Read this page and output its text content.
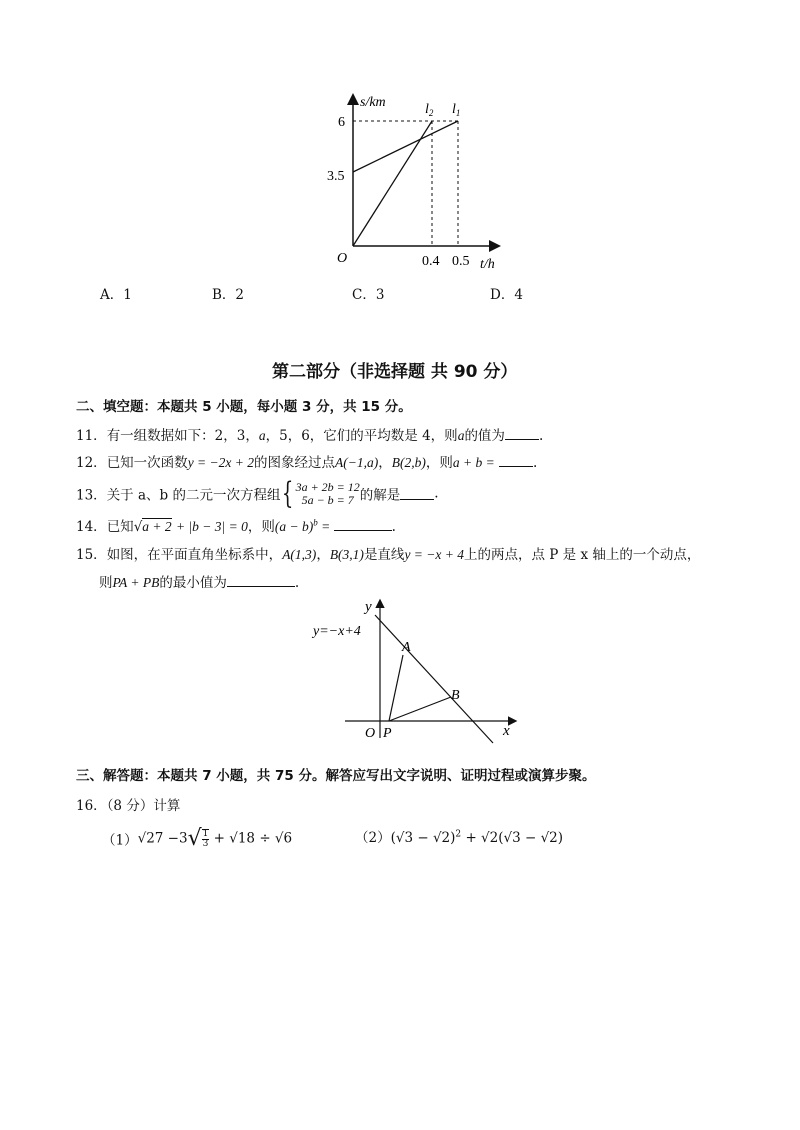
s/km
6
3.5
O	0.4 0.5 t/h
$l_2$ $l_1$
A．1	B．2	C．3	D．4
第二部分（非选择题 共 90 分）
二、填空题：本题共 5 小题，每小题 3 分，共 15 分。
11．有一组数据如下：2，3，a，5，6，它们的平均数是 4，则a的值为	.
12．已知一次函数y = −2x + 2的图象经过点A(−1,a)，B(2,b)，则a + b =	.
13．关于 a、b 的二元一次方程组{ 3a + 2b = 12
5a − b = 7 的解是	.
14．已知√a + 2 + |b − 3| = 0，则$(a - b)^b$ =	.
15．如图，在平面直角坐标系中，A(1,3)，B(3,1)是直线y = −x + 4上的两点，点 P 是 x 轴上的一个动点，
则PA + PB的最小值为	.
y
y=−x+4
A
B
O P	x
三、解答题：本题共 7 小题，共 75 分。解答应写出文字说明、证明过程或演算步聚。
16．（8 分）计算
$(1)√27 -3√ \frac{1}{3} + √18 \div √6$	$(2)(√3 - √2)^2 + √2(√3 - √2)$
